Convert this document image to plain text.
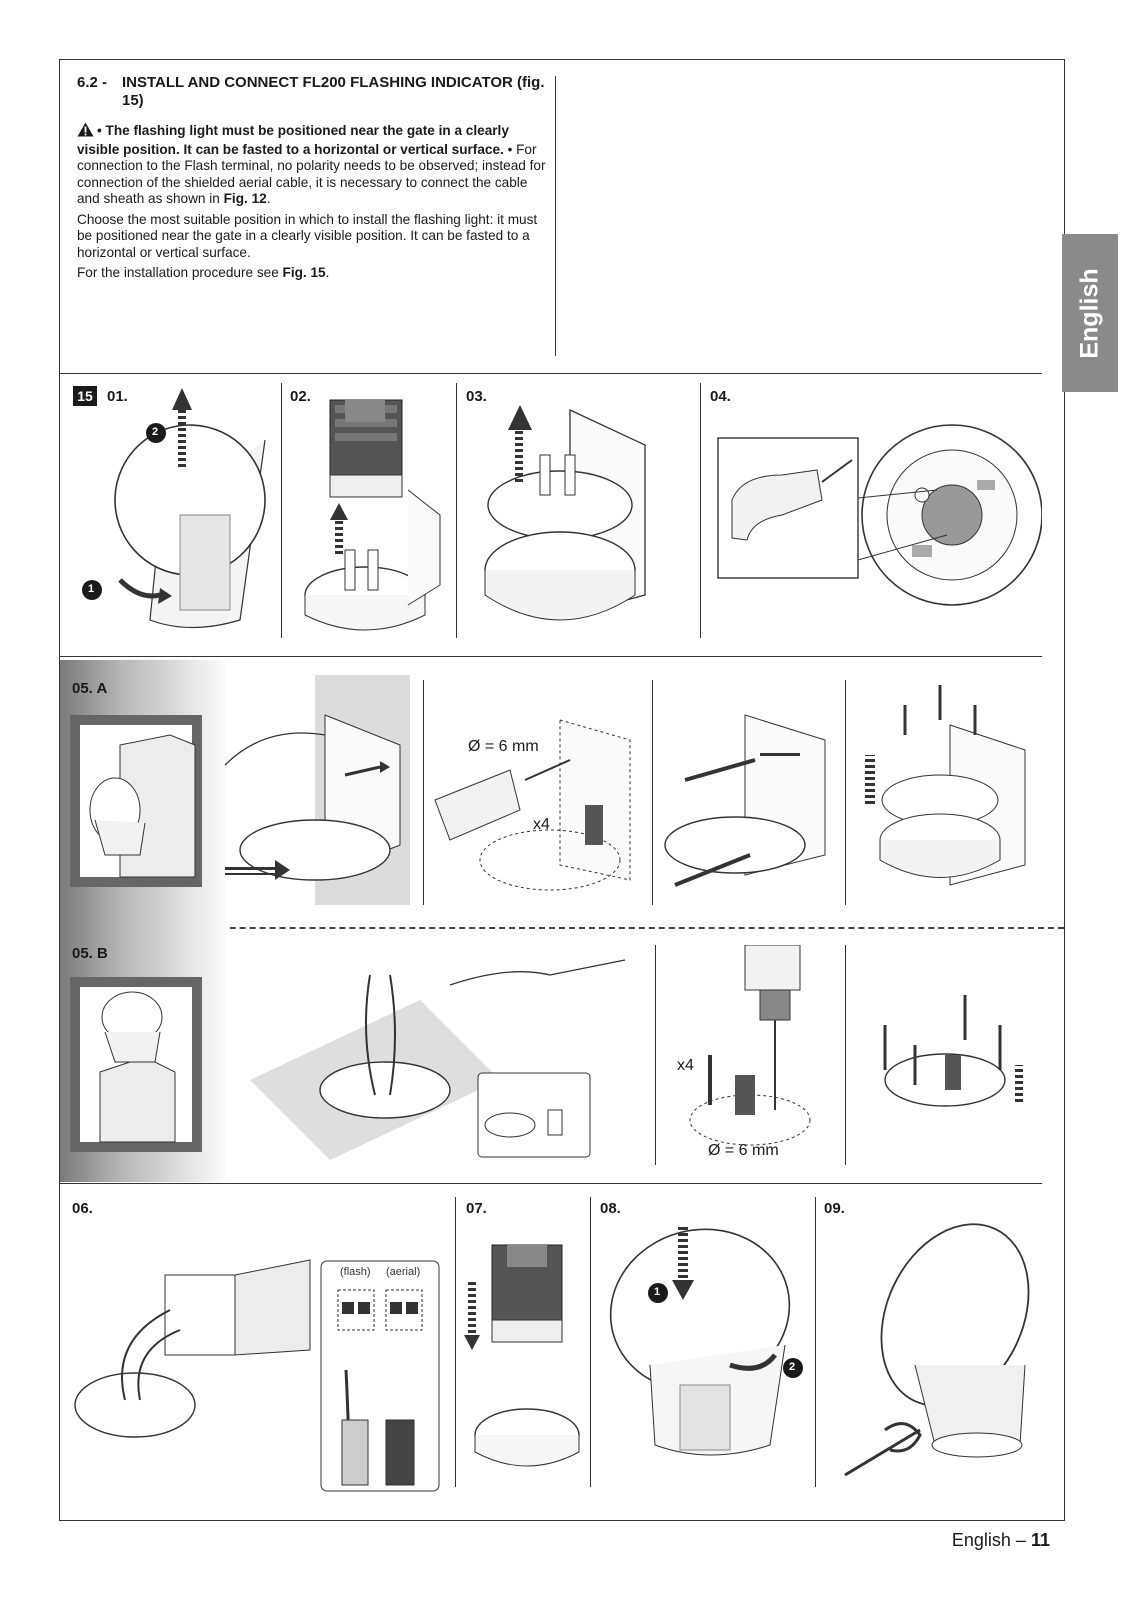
6.2 - INSTALL AND CONNECT FL200 FLASHING INDICATOR (fig. 15)
• The flashing light must be positioned near the gate in a clearly visible position. It can be fasted to a horizontal or vertical surface. • For connection to the Flash terminal, no polarity needs to be observed; instead for connection of the shielded aerial cable, it is necessary to connect the cable and sheath as shown in Fig. 12.
Choose the most suitable position in which to install the flashing light: it must be positioned near the gate in a clearly visible position. It can be fasted to a horizontal or vertical surface.
For the installation procedure see Fig. 15.	English
15 01.	02.	03.	04.
05. A
05. B
06.	07.	08.	09.
2
1
Ø = 6 mm
x4
x4
Ø = 6 mm
(flash) (aerial)
1
2
English – 11
